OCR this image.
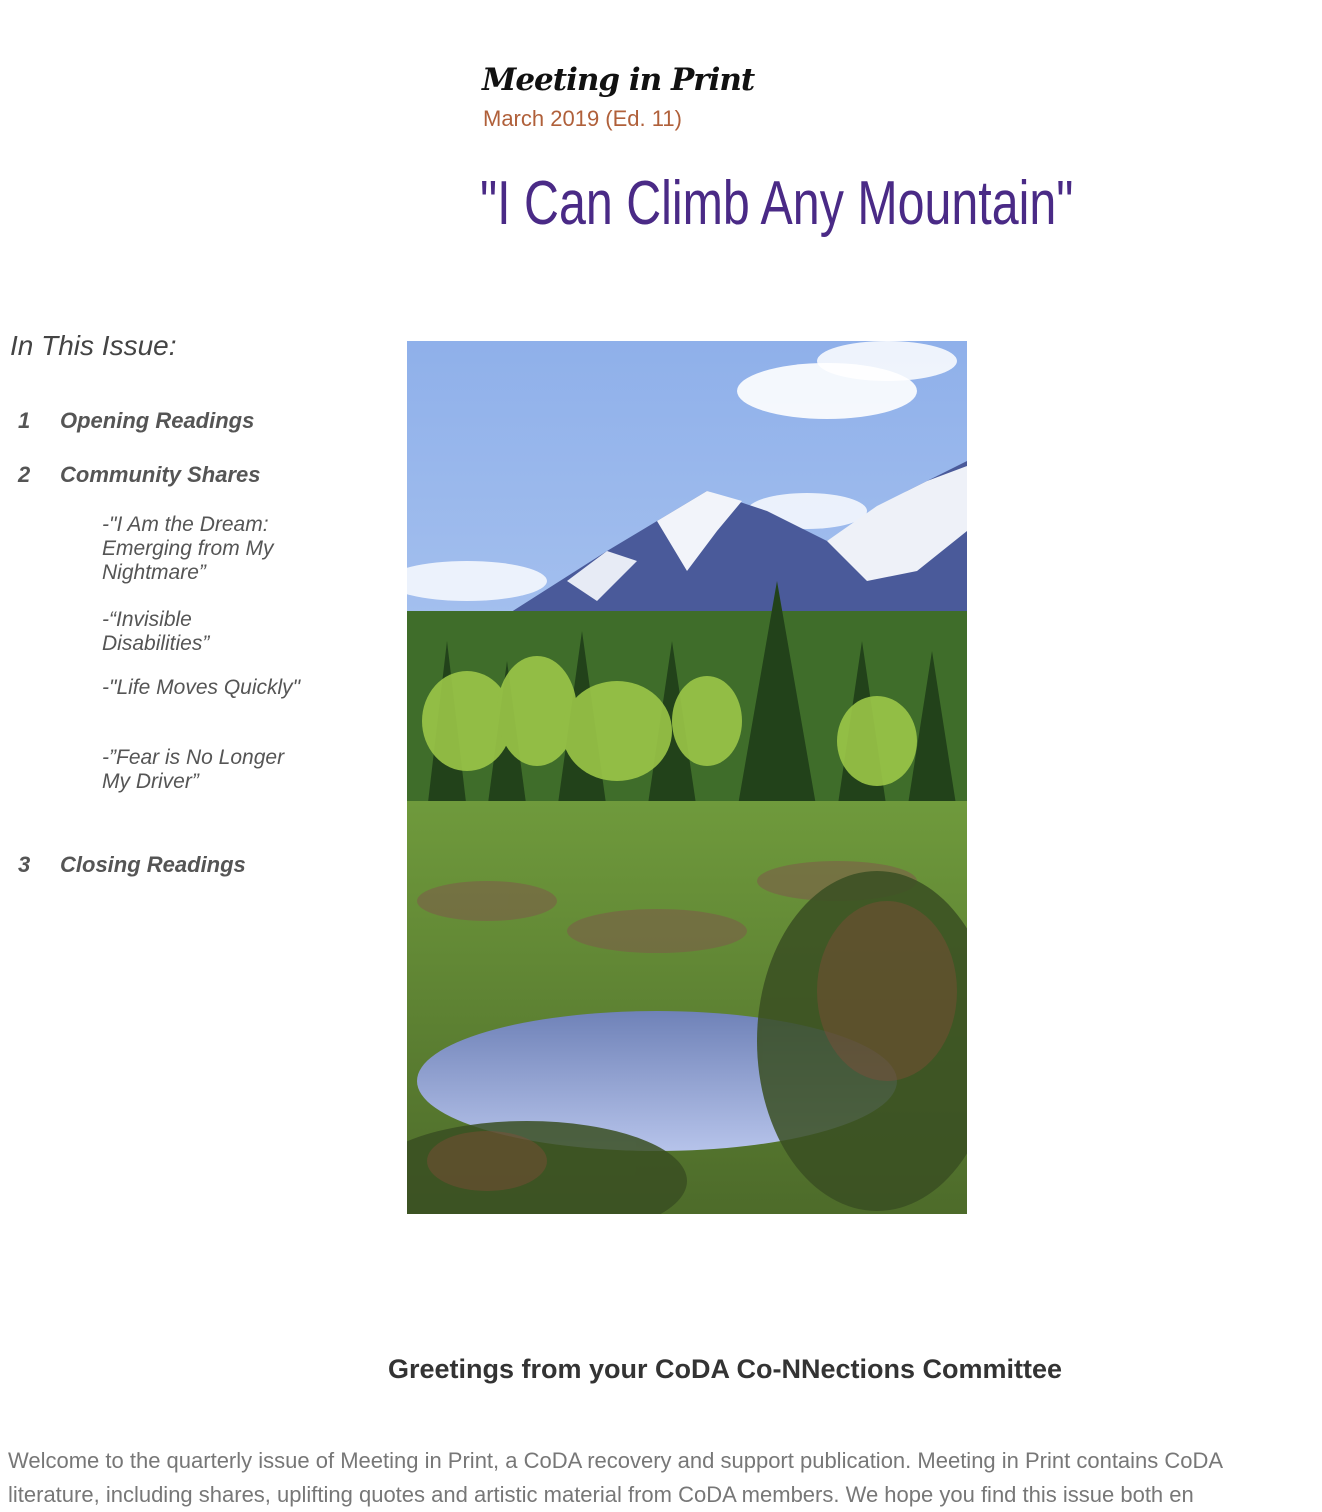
Meeting in Print
March 2019 (Ed. 11)
"I Can Climb Any Mountain"
In This Issue:
1 Opening Readings
2 Community Shares
-"I Am the Dream: Emerging from My Nightmare”
-“Invisible Disabilities”
-"Life Moves Quickly"
-”Fear is No Longer My Driver”
3 Closing Readings
Greetings from your CoDA Co-NNections Committee
Welcome to the quarterly issue of Meeting in Print, a CoDA recovery and support publication. Meeting in Print contains CoDA
literature, including shares, uplifting quotes and artistic material from CoDA members. We hope you find this issue both en
